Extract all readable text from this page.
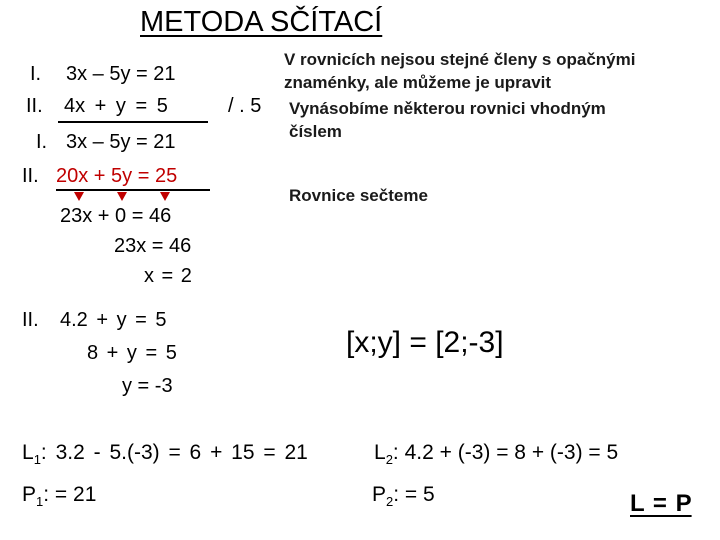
METODA SČÍTACÍ
I. 3x – 5y = 21
II. 4x + y = 5	/ . 5
I. 3x – 5y = 21
II. 20x + 5y = 25
23x + 0 = 46
23x = 46
x = 2
V rovnicích nejsou stejné členy s opačnými
znaménky, ale můžeme je upravit
Vynásobíme některou rovnici vhodným
číslem
Rovnice sečteme
II. 4.2 + y = 5
8 + y = 5
y = -3
[x;y] = [2;-3]
$L_1$: 3.2 - 5.(-3) = 6 + 15 = 21
$P_1$: = 21
$L_2$: 4.2 + (-3) = 8 + (-3) = 5
$P_2$: = 5	L = P
